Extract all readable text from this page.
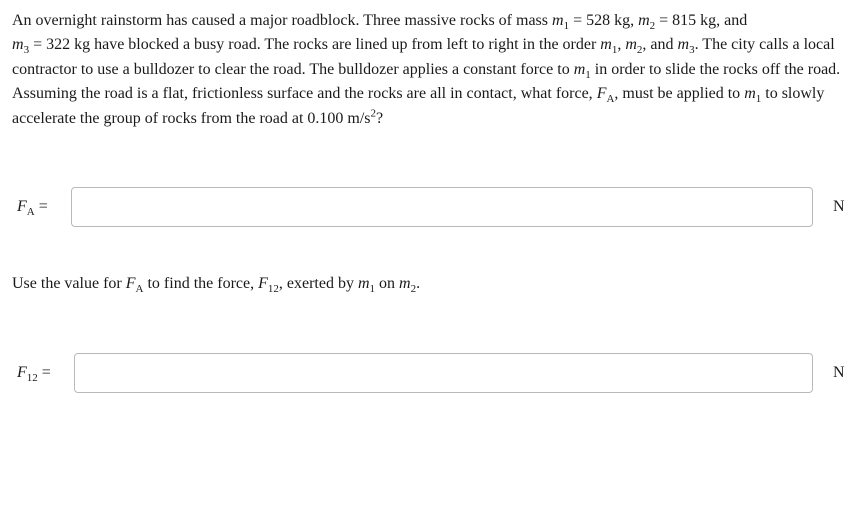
An overnight rainstorm has caused a major roadblock. Three massive rocks of mass $m_1 = 528$ kg, $m_2 = 815$ kg, and
$m_3 = 322$ kg have blocked a busy road. The rocks are lined up from left to right in the order $m_1$, $m_2$, and $m_3$. The city calls a local contractor to use a bulldozer to clear the road. The bulldozer applies a constant force to $m_1$ in order to slide the rocks off the road. Assuming the road is a flat, frictionless surface and the rocks are all in contact, what force, $F_A$, must be applied to $m_1$ to slowly accelerate the group of rocks from the road at 0.100 $m/s^2$?
$F_A$ =	N
Use the value for $F_A$ to find the force, $F_{12}$, exerted by $m_1$ on $m_2$.
$F_{12}$ =	N
